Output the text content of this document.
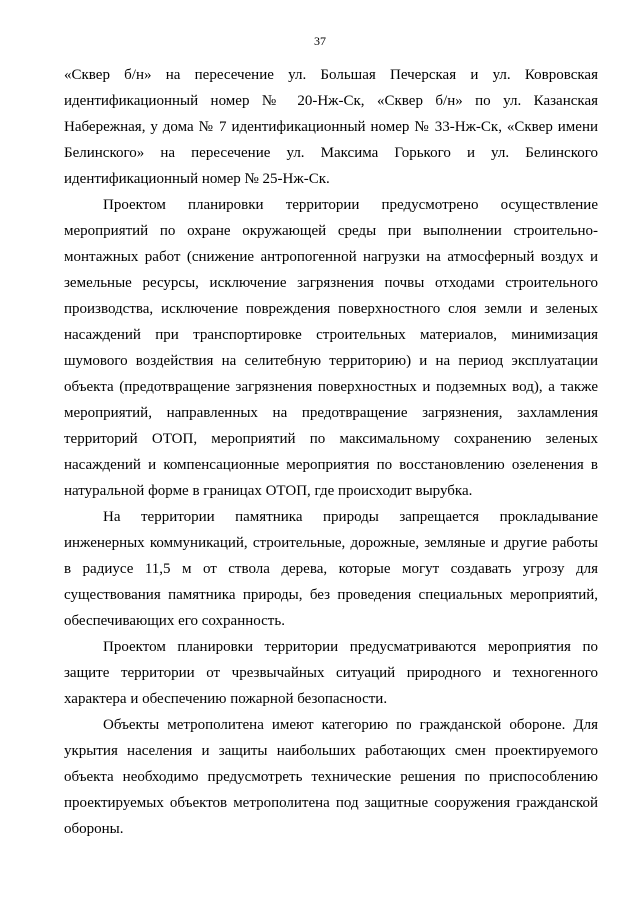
37

«Сквер б/н» на пересечение ул. Большая Печерская и ул. Ковровская идентификационный номер № 20-Нж-Ск, «Сквер б/н» по ул. Казанская Набережная, у дома № 7 идентификационный номер № 33-Нж-Ск, «Сквер имени Белинского» на пересечение ул. Максима Горького и ул. Белинского идентификационный номер № 25-Нж-Ск.

Проектом планировки территории предусмотрено осуществление мероприятий по охране окружающей среды при выполнении строительно-монтажных работ (снижение антропогенной нагрузки на атмосферный воздух и земельные ресурсы, исключение загрязнения почвы отходами строительного производства, исключение повреждения поверхностного слоя земли и зеленых насаждений при транспортировке строительных материалов, минимизация шумового воздействия на селитебную территорию) и на период эксплуатации объекта (предотвращение загрязнения поверхностных и подземных вод), а также мероприятий, направленных на предотвращение загрязнения, захламления территорий ОТОП, мероприятий по максимальному сохранению зеленых насаждений и компенсационные мероприятия по восстановлению озеленения в натуральной форме в границах ОТОП, где происходит вырубка.

На территории памятника природы запрещается прокладывание инженерных коммуникаций, строительные, дорожные, земляные и другие работы в радиусе 11,5 м от ствола дерева, которые могут создавать угрозу для существования памятника природы, без проведения специальных мероприятий, обеспечивающих его сохранность.

Проектом планировки территории предусматриваются мероприятия по защите территории от чрезвычайных ситуаций природного и техногенного характера и обеспечению пожарной безопасности.

Объекты метрополитена имеют категорию по гражданской обороне. Для укрытия населения и защиты наибольших работающих смен проектируемого объекта необходимо предусмотреть технические решения по приспособлению проектируемых объектов метрополитена под защитные сооружения гражданской обороны.
